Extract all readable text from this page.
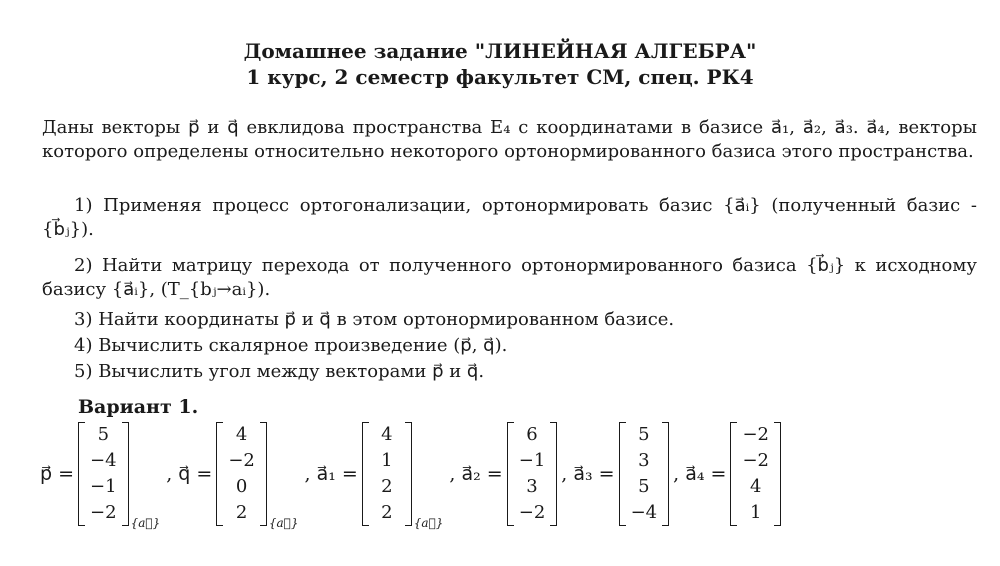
Домашнее задание "ЛИНЕЙНАЯ АЛГЕБРА"
1 курс, 2 семестр факультет СМ, спец. РК4
Даны векторы p⃗ и q⃗ евклидова пространства E₄ с координатами в базисе a⃗₁, a⃗₂, a⃗₃. a⃗₄, векторы которого определены относительно некоторого ортонормированного базиса этого пространства.
1) Применяя процесс ортогонализации, ортонормировать базис {a⃗ᵢ} (полученный базис - {b⃗ⱼ}).
2) Найти матрицу перехода от полученного ортонормированного базиса {b⃗ⱼ} к исходному базису {a⃗ᵢ}, (T_{bⱼ→aᵢ}).
3) Найти координаты p⃗ и q⃗ в этом ортонормированном базисе.
4) Вычислить скалярное произведение (p⃗, q⃗).
5) Вычислить угол между векторами p⃗ и q⃗.
Вариант 1.
p⃗ =
5
−4
−1
−2 {a⃗}
, q⃗ =
4
−2
0
2	{a⃗}
, a⃗₁ =
4
1
2
2	{a⃗}
, a⃗₂ =
6
−1
3
−2
, a⃗₃ =
5
3
5
−4
, a⃗₄ =
−2
−2
4
1
